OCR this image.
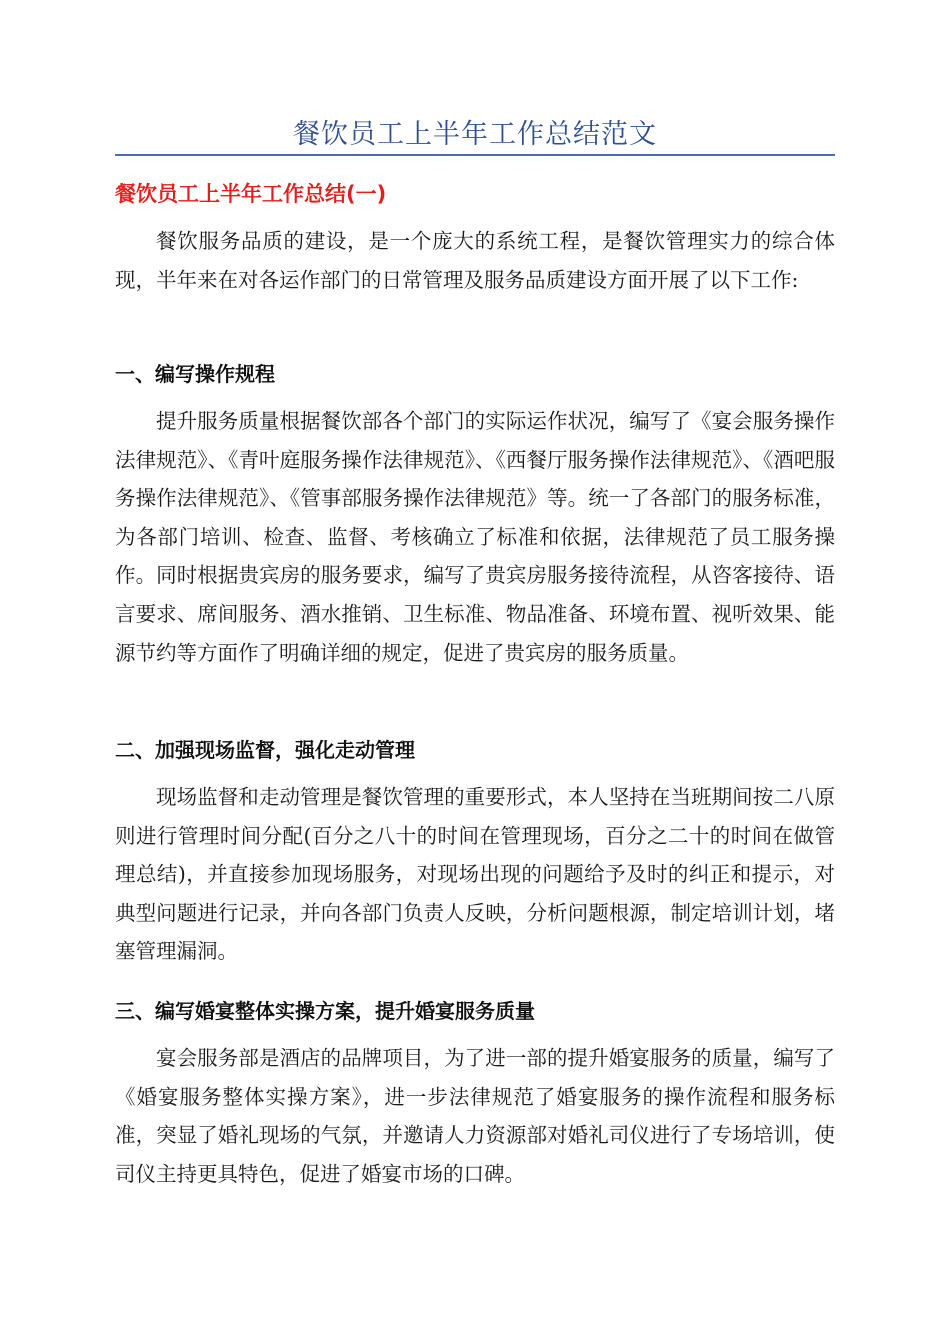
餐饮员工上半年工作总结范文
餐饮员工上半年工作总结(一)

餐饮服务品质的建设，是一个庞大的系统工程，是餐饮管理实力的综合体现，半年来在对各运作部门的日常管理及服务品质建设方面开展了以下工作:

一、编写操作规程

提升服务质量根据餐饮部各个部门的实际运作状况，编写了《宴会服务操作法律规范》、《青叶庭服务操作法律规范》、《西餐厅服务操作法律规范》、《酒吧服务操作法律规范》、《管事部服务操作法律规范》等。统一了各部门的服务标准，为各部门培训、检查、监督、考核确立了标准和依据，法律规范了员工服务操作。同时根据贵宾房的服务要求，编写了贵宾房服务接待流程，从咨客接待、语言要求、席间服务、酒水推销、卫生标准、物品准备、环境布置、视听效果、能源节约等方面作了明确详细的规定，促进了贵宾房的服务质量。

二、加强现场监督，强化走动管理

现场监督和走动管理是餐饮管理的重要形式，本人坚持在当班期间按二八原则进行管理时间分配(百分之八十的时间在管理现场，百分之二十的时间在做管理总结)，并直接参加现场服务，对现场出现的问题给予及时的纠正和提示，对典型问题进行记录，并向各部门负责人反映，分析问题根源，制定培训计划，堵塞管理漏洞。

三、编写婚宴整体实操方案，提升婚宴服务质量

宴会服务部是酒店的品牌项目，为了进一部的提升婚宴服务的质量，编写了《婚宴服务整体实操方案》，进一步法律规范了婚宴服务的操作流程和服务标准，突显了婚礼现场的气氛，并邀请人力资源部对婚礼司仪进行了专场培训，使司仪主持更具特色，促进了婚宴市场的口碑。
